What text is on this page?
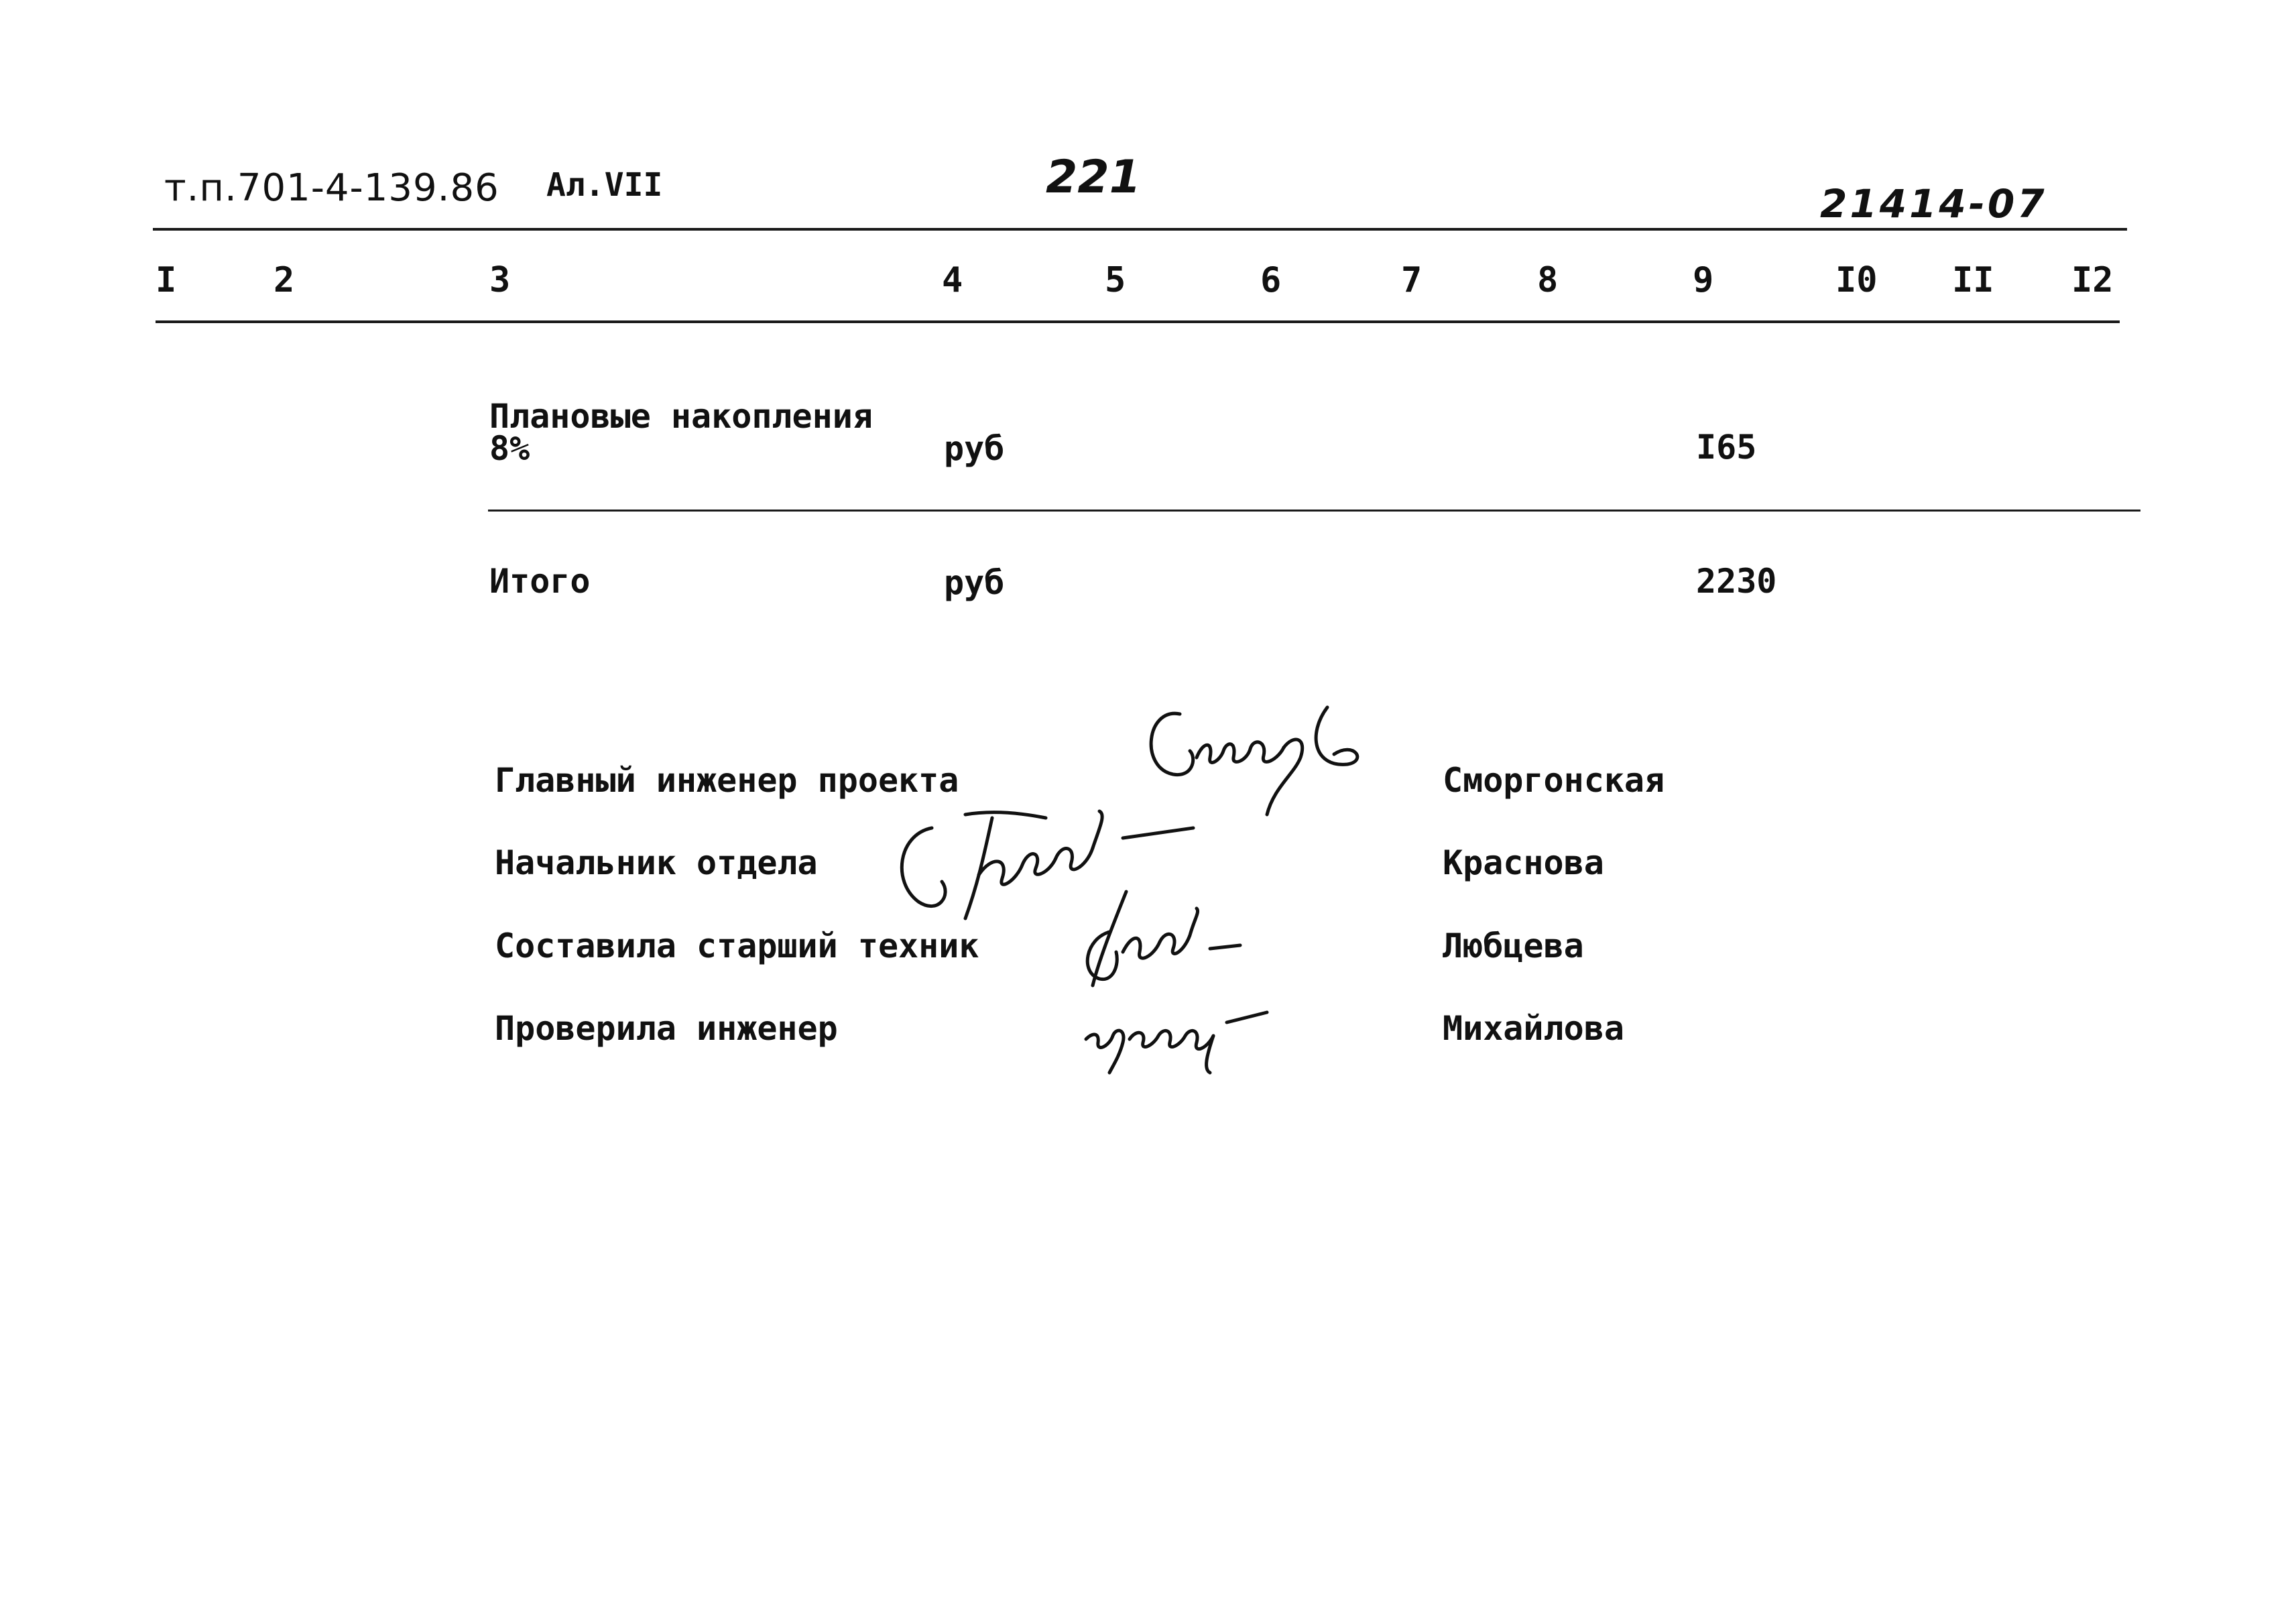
т.п.701-4-139.86 Ал.VII	221	21414-07
I	2	3	4	5	6	7	8	9	I0 II I2
Плановые накопления
8%	руб	I65
Итого	руб	2230
Главный инженер проекта	Сморгонская
Начальник отдела	Краснова
Составила старший техник	Любцева
Проверила инженер	Михайлова
